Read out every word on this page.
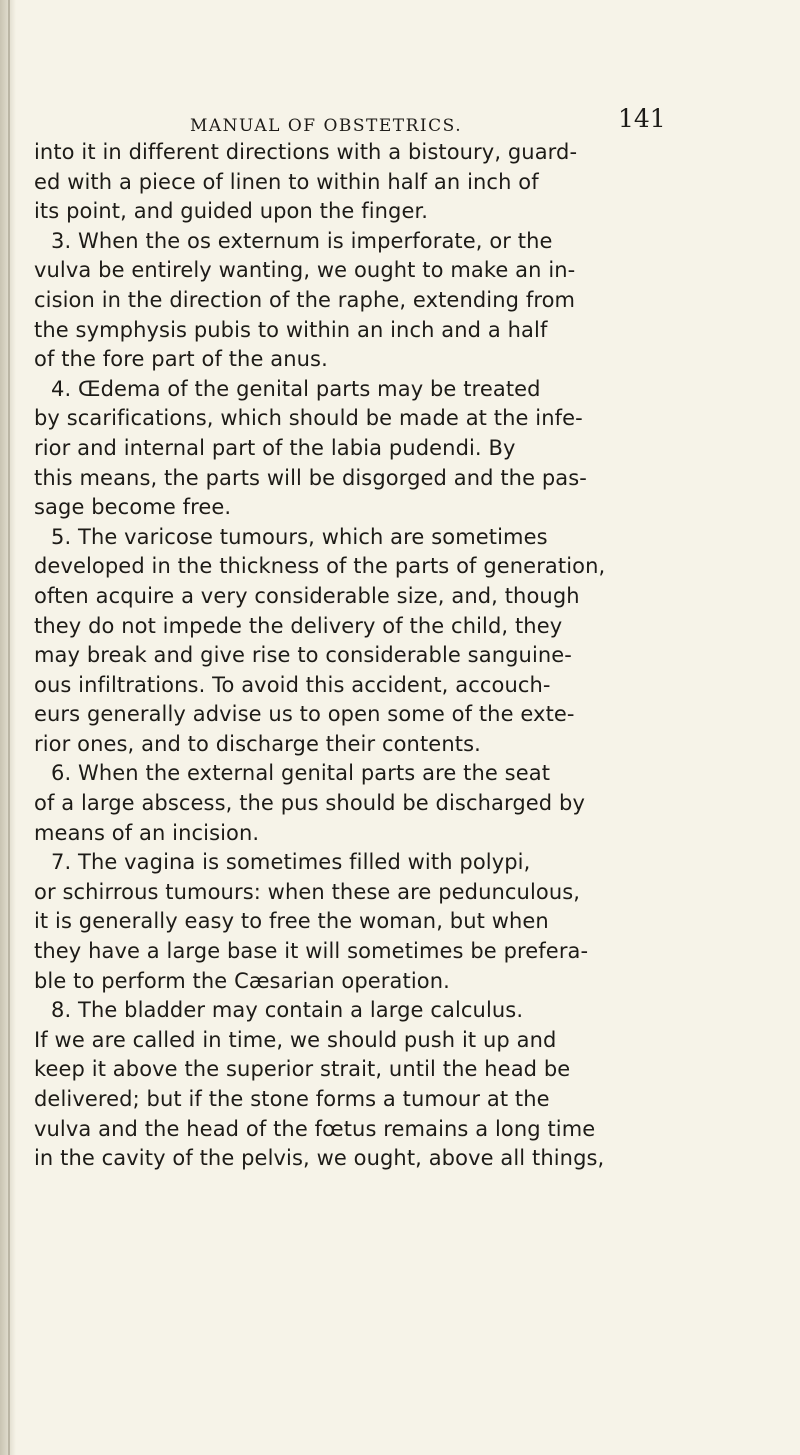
MANUAL OF OBSTETRICS.	141
into it in different directions with a bistoury, guard-
ed with a piece of linen to within half an inch of
its point, and guided upon the finger.
3. When the os externum is imperforate, or the
vulva be entirely wanting, we ought to make an in-
cision in the direction of the raphe, extending from
the symphysis pubis to within an inch and a half
of the fore part of the anus.
4. Œdema of the genital parts may be treated
by scarifications, which should be made at the infe-
rior and internal part of the labia pudendi. By
this means, the parts will be disgorged and the pas-
sage become free.
5. The varicose tumours, which are sometimes
developed in the thickness of the parts of generation,
often acquire a very considerable size, and, though
they do not impede the delivery of the child, they
may break and give rise to considerable sanguine-
ous infiltrations. To avoid this accident, accouch-
eurs generally advise us to open some of the exte-
rior ones, and to discharge their contents.
6. When the external genital parts are the seat
of a large abscess, the pus should be discharged by
means of an incision.
7. The vagina is sometimes filled with polypi,
or schirrous tumours: when these are pedunculous,
it is generally easy to free the woman, but when
they have a large base it will sometimes be prefera-
ble to perform the Cæsarian operation.
8. The bladder may contain a large calculus.
If we are called in time, we should push it up and
keep it above the superior strait, until the head be
delivered; but if the stone forms a tumour at the
vulva and the head of the fœtus remains a long time
in the cavity of the pelvis, we ought, above all things,
